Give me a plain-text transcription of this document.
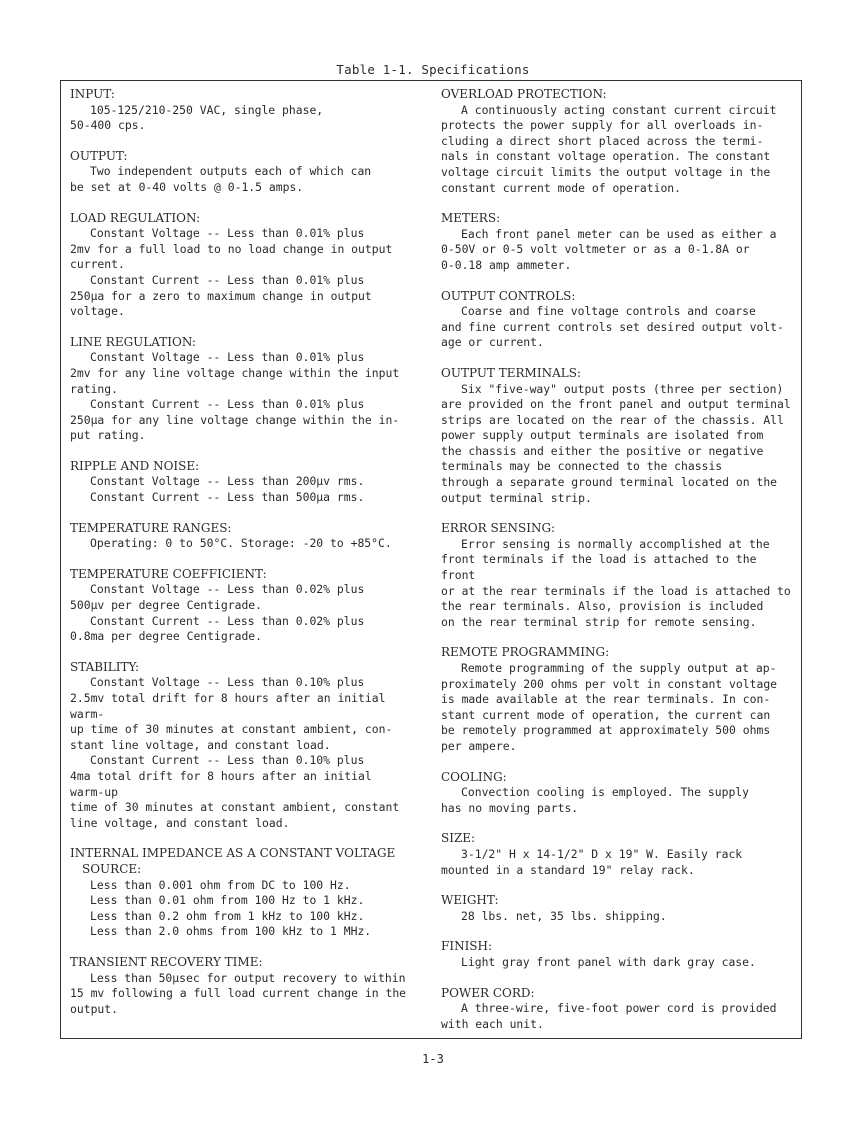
Table 1-1. Specifications
INPUT:
105-125/210-250 VAC, single phase,
50-400 cps.
OUTPUT:
Two independent outputs each of which can
be set at 0-40 volts @ 0-1.5 amps.
LOAD REGULATION:
Constant Voltage -- Less than 0.01% plus
2mv for a full load to no load change in output
current.
Constant Current -- Less than 0.01% plus
250μa for a zero to maximum change in output
voltage.
LINE REGULATION:
Constant Voltage -- Less than 0.01% plus
2mv for any line voltage change within the input
rating.
Constant Current -- Less than 0.01% plus
250μa for any line voltage change within the in-
put rating.
RIPPLE AND NOISE:
Constant Voltage -- Less than 200μv rms.
Constant Current -- Less than 500μa rms.
TEMPERATURE RANGES:
Operating: 0 to 50°C. Storage: -20 to +85°C.
TEMPERATURE COEFFICIENT:
Constant Voltage -- Less than 0.02% plus
500μv per degree Centigrade.
Constant Current -- Less than 0.02% plus
0.8ma per degree Centigrade.
STABILITY:
Constant Voltage -- Less than 0.10% plus
2.5mv total drift for 8 hours after an initial warm-
up time of 30 minutes at constant ambient, con-
stant line voltage, and constant load.
Constant Current -- Less than 0.10% plus
4ma total drift for 8 hours after an initial warm-up
time of 30 minutes at constant ambient, constant
line voltage, and constant load.
INTERNAL IMPEDANCE AS A CONSTANT VOLTAGE
SOURCE:
Less than 0.001 ohm from DC to 100 Hz.
Less than 0.01 ohm from 100 Hz to 1 kHz.
Less than 0.2 ohm from 1 kHz to 100 kHz.
Less than 2.0 ohms from 100 kHz to 1 MHz.
TRANSIENT RECOVERY TIME:
Less than 50μsec for output recovery to within
15 mv following a full load current change in the
output.
OVERLOAD PROTECTION:
A continuously acting constant current circuit
protects the power supply for all overloads in-
cluding a direct short placed across the termi-
nals in constant voltage operation. The constant
voltage circuit limits the output voltage in the
constant current mode of operation.
METERS:
Each front panel meter can be used as either a
0-50V or 0-5 volt voltmeter or as a 0-1.8A or
0-0.18 amp ammeter.
OUTPUT CONTROLS:
Coarse and fine voltage controls and coarse
and fine current controls set desired output volt-
age or current.
OUTPUT TERMINALS:
Six "five-way" output posts (three per section)
are provided on the front panel and output terminal
strips are located on the rear of the chassis. All
power supply output terminals are isolated from
the chassis and either the positive or negative
terminals may be connected to the chassis
through a separate ground terminal located on the
output terminal strip.
ERROR SENSING:
Error sensing is normally accomplished at the
front terminals if the load is attached to the front
or at the rear terminals if the load is attached to
the rear terminals. Also, provision is included
on the rear terminal strip for remote sensing.
REMOTE PROGRAMMING:
Remote programming of the supply output at ap-
proximately 200 ohms per volt in constant voltage
is made available at the rear terminals. In con-
stant current mode of operation, the current can
be remotely programmed at approximately 500 ohms
per ampere.
COOLING:
Convection cooling is employed. The supply
has no moving parts.
SIZE:
3-1/2" H x 14-1/2" D x 19" W. Easily rack
mounted in a standard 19" relay rack.
WEIGHT:
28 lbs. net, 35 lbs. shipping.
FINISH:
Light gray front panel with dark gray case.
POWER CORD:
A three-wire, five-foot power cord is provided
with each unit.
1-3
